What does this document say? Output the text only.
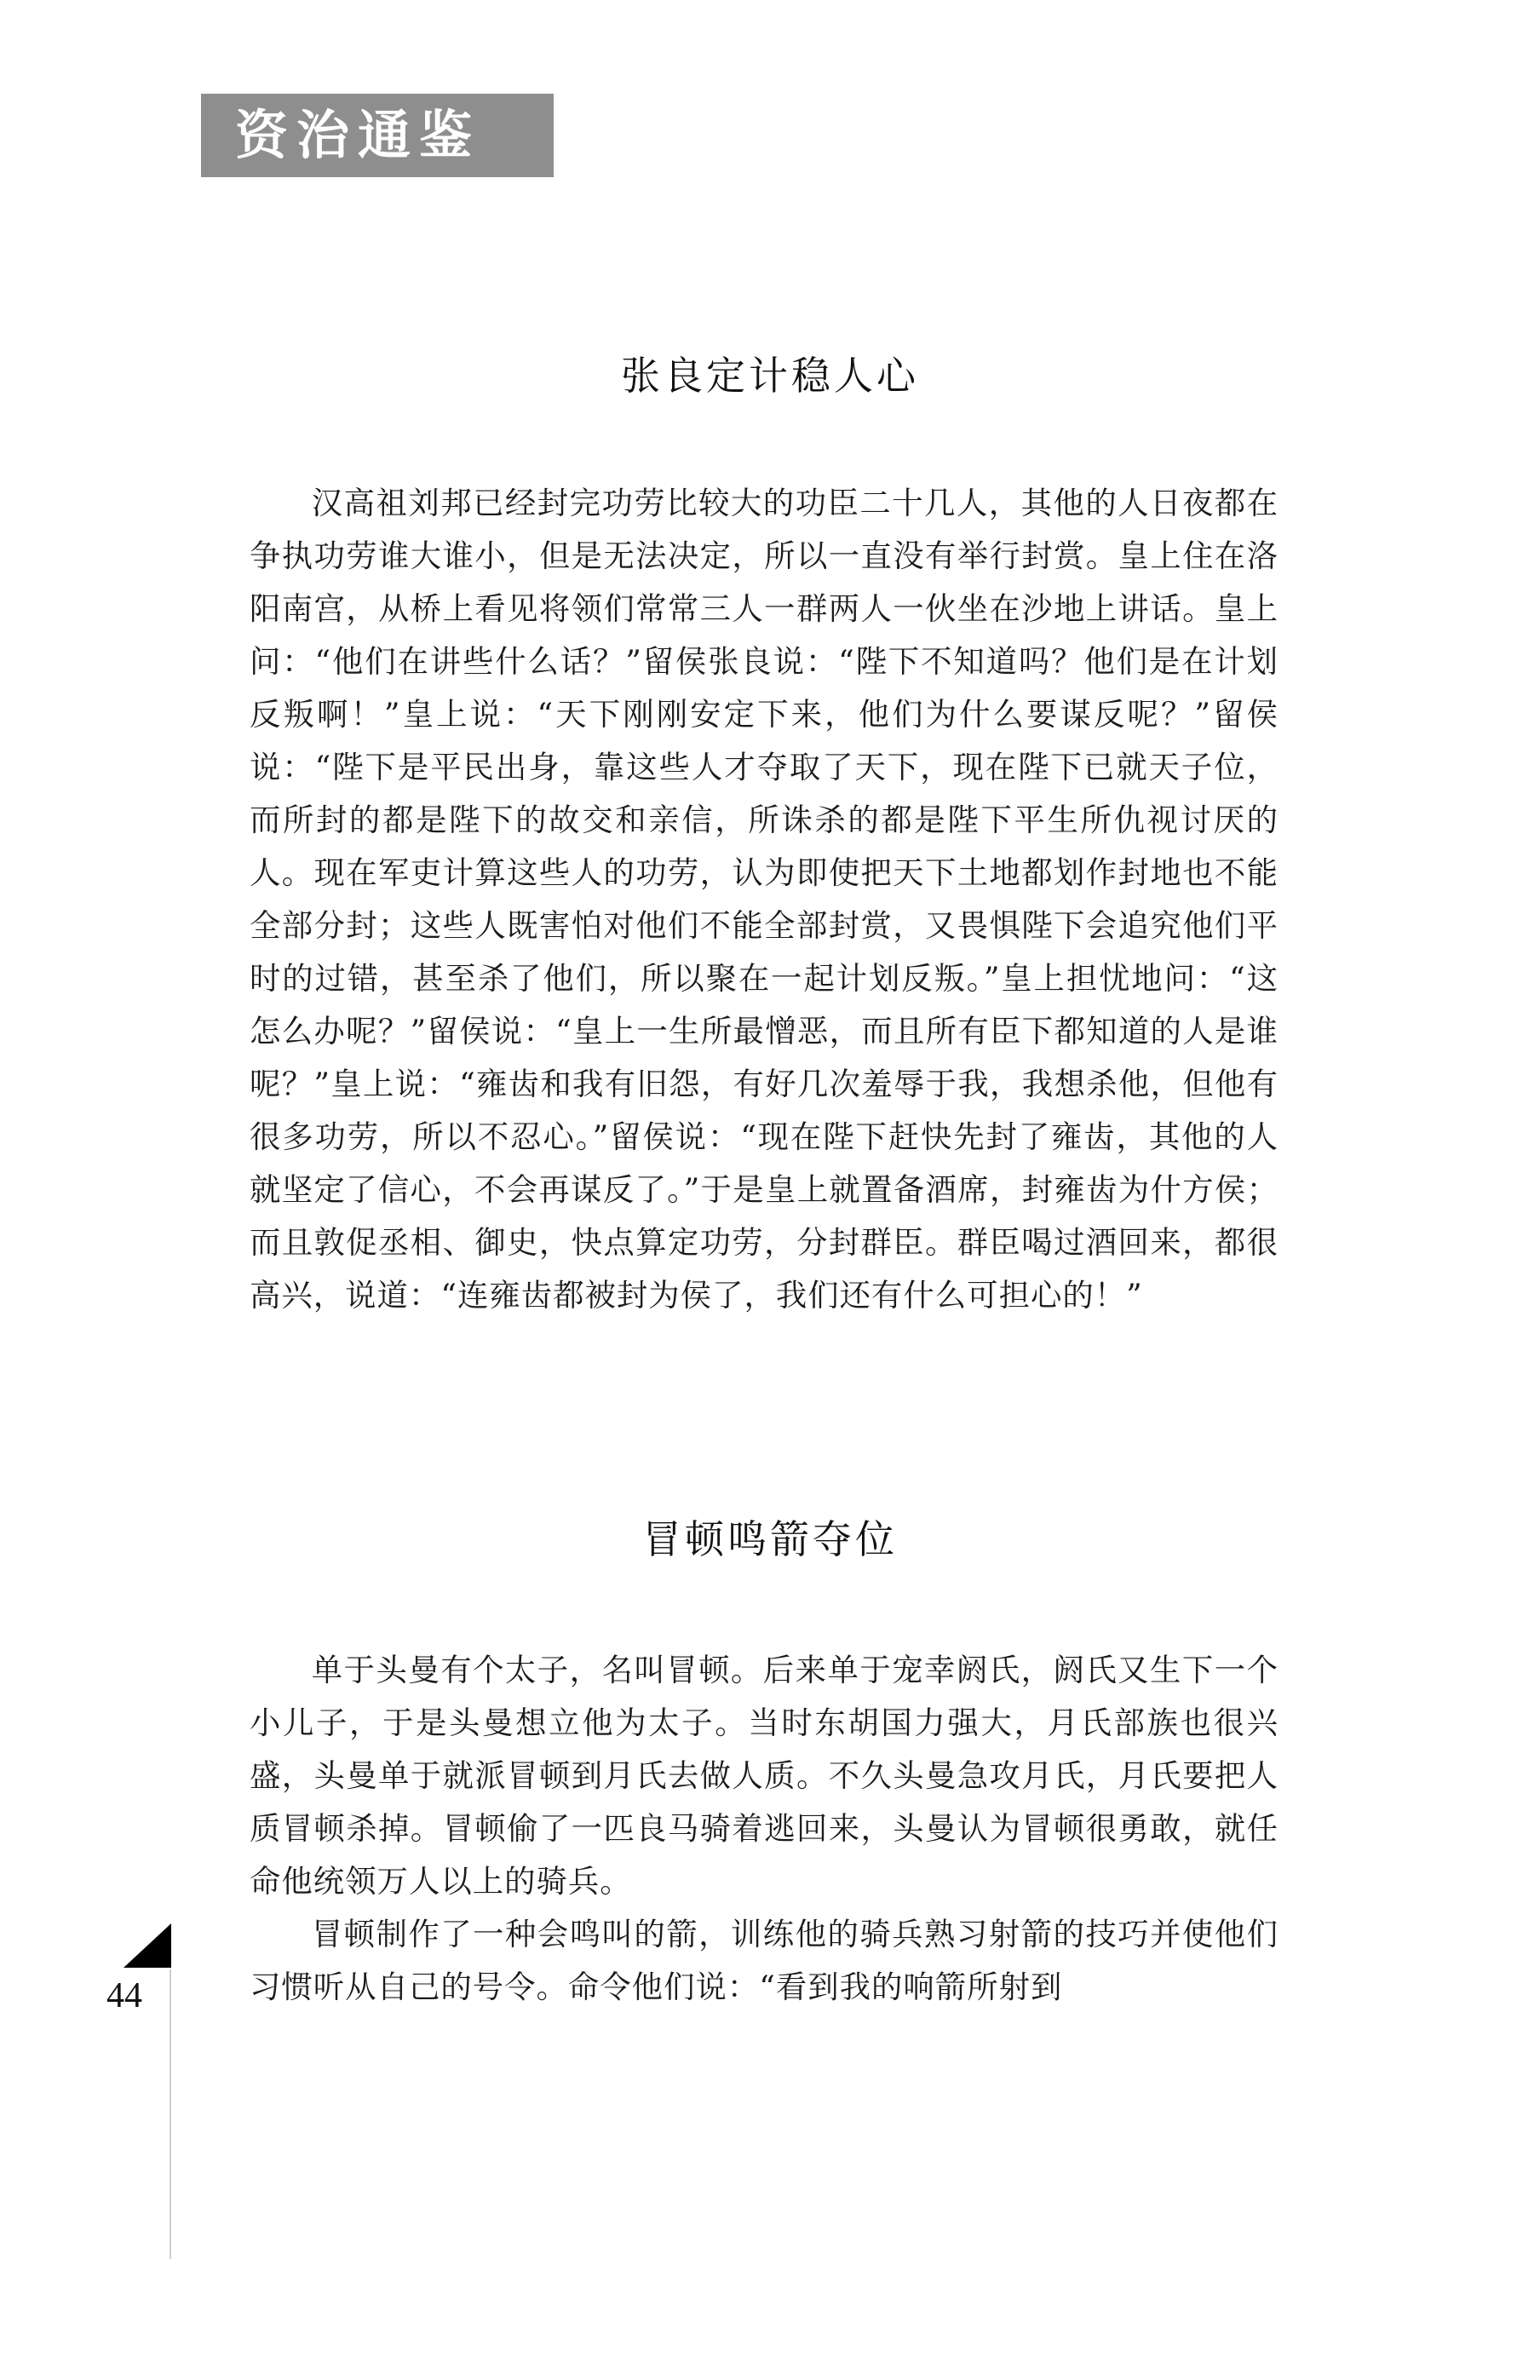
资治通鉴
张良定计稳人心

汉高祖刘邦已经封完功劳比较大的功臣二十几人，其他的人日夜都在争执功劳谁大谁小，但是无法决定，所以一直没有举行封赏。皇上住在洛阳南宫，从桥上看见将领们常常三人一群两人一伙坐在沙地上讲话。皇上问：“他们在讲些什么话？”留侯张良说：“陛下不知道吗？他们是在计划反叛啊！”皇上说：“天下刚刚安定下来，他们为什么要谋反呢？”留侯说：“陛下是平民出身，靠这些人才夺取了天下，现在陛下已就天子位，而所封的都是陛下的故交和亲信，所诛杀的都是陛下平生所仇视讨厌的人。现在军吏计算这些人的功劳，认为即使把天下土地都划作封地也不能全部分封；这些人既害怕对他们不能全部封赏，又畏惧陛下会追究他们平时的过错，甚至杀了他们，所以聚在一起计划反叛。”皇上担忧地问：“这怎么办呢？”留侯说：“皇上一生所最憎恶，而且所有臣下都知道的人是谁呢？”皇上说：“雍齿和我有旧怨，有好几次羞辱于我，我想杀他，但他有很多功劳，所以不忍心。”留侯说：“现在陛下赶快先封了雍齿，其他的人就坚定了信心，不会再谋反了。”于是皇上就置备酒席，封雍齿为什方侯；而且敦促丞相、御史，快点算定功劳，分封群臣。群臣喝过酒回来，都很高兴，说道：“连雍齿都被封为侯了，我们还有什么可担心的！”

冒顿鸣箭夺位

单于头曼有个太子，名叫冒顿。后来单于宠幸阏氏，阏氏又生下一个小儿子，于是头曼想立他为太子。当时东胡国力强大，月氏部族也很兴盛，头曼单于就派冒顿到月氏去做人质。不久头曼急攻月氏，月氏要把人质冒顿杀掉。冒顿偷了一匹良马骑着逃回来，头曼认为冒顿很勇敢，就任命他统领万人以上的骑兵。

冒顿制作了一种会鸣叫的箭，训练他的骑兵熟习射箭的技巧并使他们习惯听从自己的号令。命令他们说：“看到我的响箭所射到

44
